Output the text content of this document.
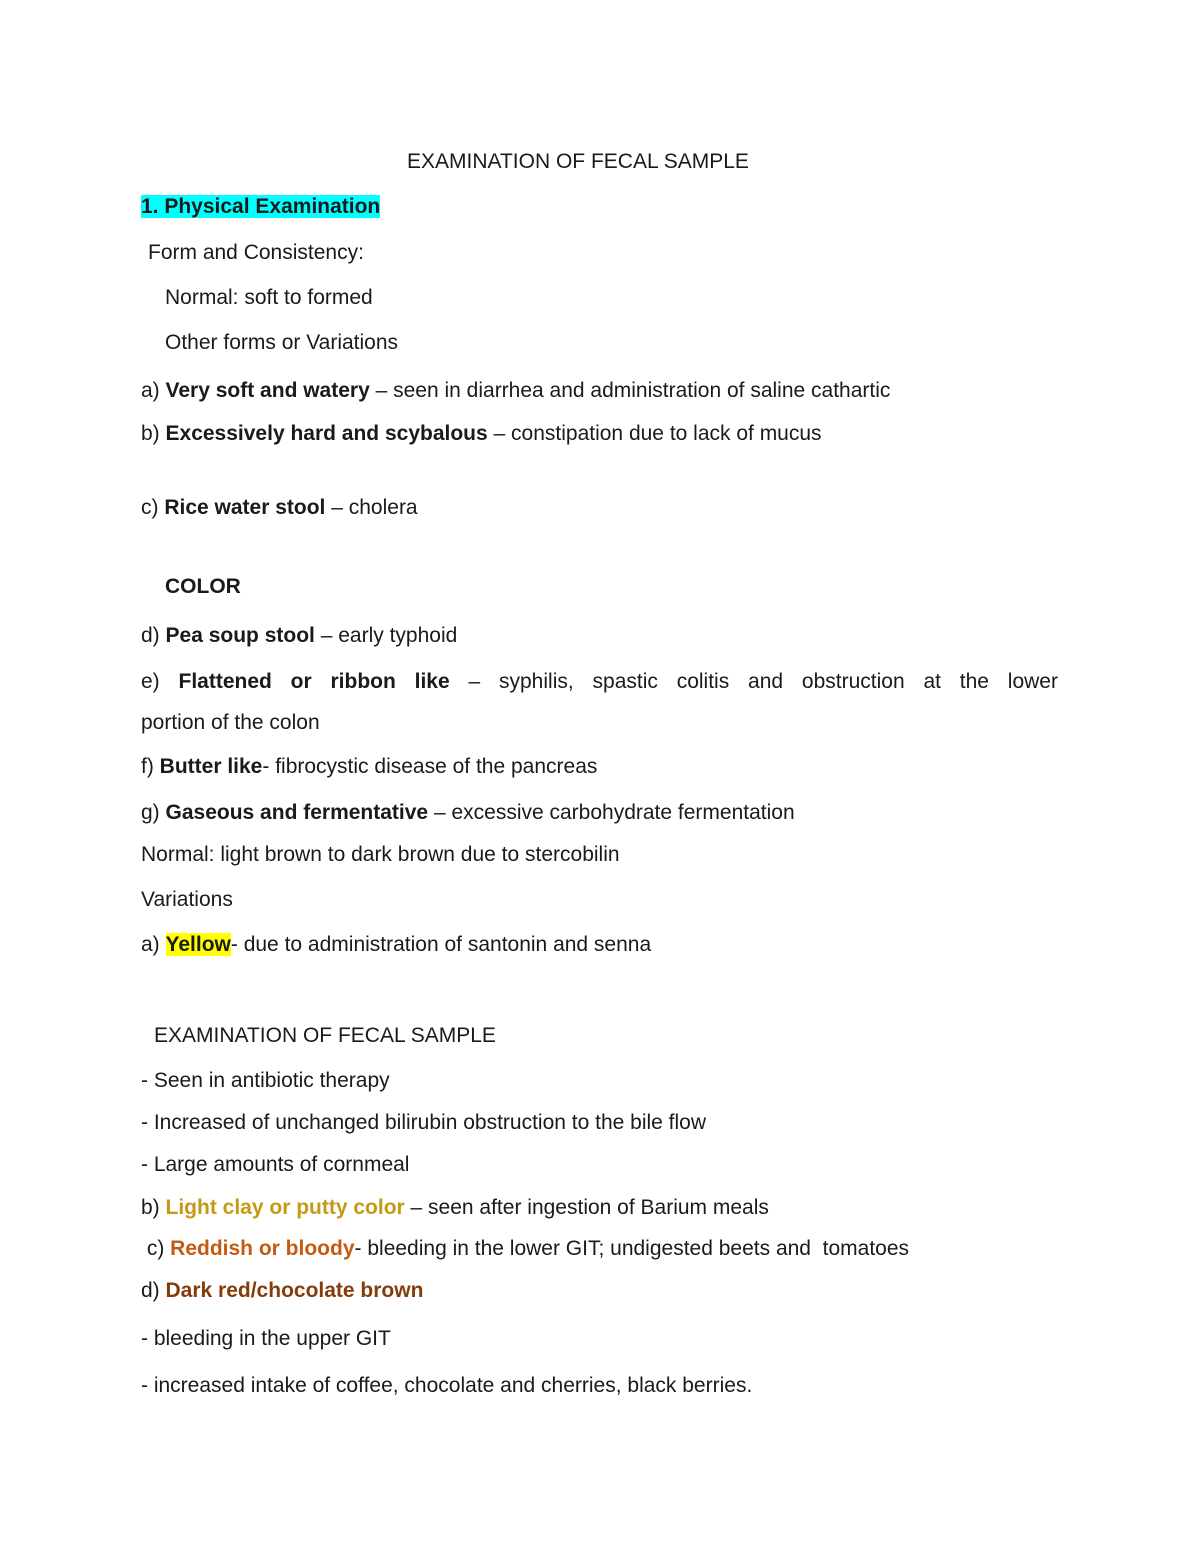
EXAMINATION OF FECAL SAMPLE
1. Physical Examination
Form and Consistency:
Normal: soft to formed
Other forms or Variations
a) Very soft and watery – seen in diarrhea and administration of saline cathartic
b) Excessively hard and scybalous – constipation due to lack of mucus
c) Rice water stool – cholera
COLOR
d) Pea soup stool – early typhoid
e) Flattened or ribbon like – syphilis, spastic colitis and obstruction at the lower
portion of the colon
f) Butter like- fibrocystic disease of the pancreas
g) Gaseous and fermentative – excessive carbohydrate fermentation
Normal: light brown to dark brown due to stercobilin
Variations
a) Yellow- due to administration of santonin and senna
EXAMINATION OF FECAL SAMPLE
- Seen in antibiotic therapy
- Increased of unchanged bilirubin obstruction to the bile flow
- Large amounts of cornmeal
b) Light clay or putty color – seen after ingestion of Barium meals
c) Reddish or bloody- bleeding in the lower GIT; undigested beets and  tomatoes
d) Dark red/chocolate brown
- bleeding in the upper GIT
- increased intake of coffee, chocolate and cherries, black berries.
